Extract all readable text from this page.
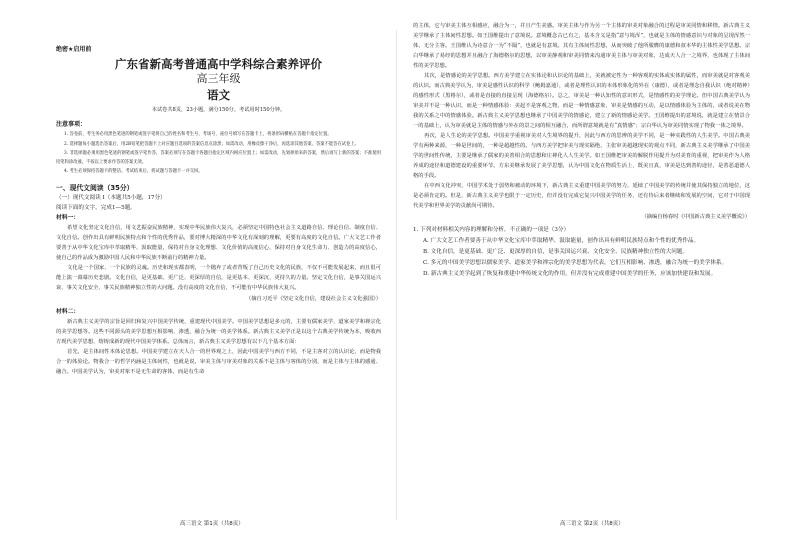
绝密★启用前

广东省新高考普通高中学科综合素养评价

高三年级

语文

本试卷共8页，23小题，满分150分。考试用时150分钟。

注意事项：

1. 答卷前，考生务必用黑色笔迹的钢笔或签字笔将自己的姓名和考生号、考场号、座位号填写在答题卡上，将条形码横贴在答题卡指定位置。

2. 选择题每小题选出答案后，用2B铅笔把答题卡上对应题目选项的答案信息点涂黑；如需改动，用橡皮擦干净后，再选涂其他答案，答案不能答在试卷上。

3. 非选择题必须用黑色笔迹的钢笔或签字笔作答，答案必须写在答题卡各题目指定区域内相应位置上；如需改动，先划掉原来的答案，然后再写上新的答案；不准使用铅笔和涂改液。不按以上要求作答的答案无效。

4. 考生必须保持答题卡的整洁。考试结束后，将试题与答题卡一并交回。

一、现代文阅读（35分）

（一）现代文阅读 I（本题共5小题，17分）

阅读下面的文字，完成1—5题。

材料一：

希望文化坚定文化自信，用文艺振奋民族精神，实现中华民族伟大复兴，必须坚定中国特色社会主义道路自信、理论自信、制度自信、文化自信。创作出具有鲜明民族特点和个性的优秀作品，要对博大精深的中华文化有深刻的理解，更要有高度的文化自信。广大文艺工作者要善于从中华文化宝库中萃取精华、汲取能量，保持对自身文化理想、文化价值的高度信心，保持对自身文化生命力、创造力的高度信心，使自己的作品成为激励中国人民和中华民族不断前行的精神力量。

文化是一个国家、一个民族的灵魂。历史和现实都表明，一个抛弃了或者背叛了自己历史文化的民族，不仅不可能发展起来，而且很可能上演一幕幕历史悲剧。文化自信，是更基础、更广泛、更深厚的自信，是更基本、更深沉、更持久的力量。坚定文化自信，是事关国运兴衰、事关文化安全、事关民族精神独立性的大问题。没有高度的文化自信，不可能有中华民族伟大复兴。

（摘自习近平《坚定文化自信，建设社会主义文化强国》）

材料二：

新古典主义美学的宗旨是回归和复兴中国美学传统，重建现代中国美学。中国美学思想是多元的，主要有儒家美学、道家美学和禅宗化的美学思想等。这些不同源头的美学思想互相影响、渗透，融合为统一的美学体系。新古典主义美学正是以这个古典美学传统为本，吸收西方现代美学思想，熔铸成新的现代中国美学体系。总体而言，新古典主义美学思想有以下几个基本方面：

首先，是主体间性本体论思想。中国美学建立在天人合一的世界观之上，因此中国美学与西方不同，不是主客对立的认识论，而是物我合一的体验论。物我合一的哲学内涵是主体间性，也就是说，审美主体与审美对象的关系不是主体与客体的分别，而是主体与主体的感通、融合。中国美学认为，审美对象不是无生命的客体，而是有生命

的主体，它与审美主体互相感应，融合为一，并且产生美感。审美主体与作为另一个主体的审美对象融合的过程是审美同情和移情。新古典主义美学继承了主体间性思想。如王国维提出了意境说。意境概念古已有之，基本含义是指“意与境浑”，也就是主体的情感意识与对象的呈现浑然一体，无分主客。王国维认为诗意合一为“不隔”，也就是有意境。其有主体间性思想，从而突破了他所服膺的康德和叔本华的主体性美学思想。宗白华继承了易经的思想并且融合了海德格尔的思想，以审美静观和审美同情来沟通审美主体与审美对象，达成天人合一之境界，也体现了主体间性的美学思想。

其次，是情感论的美学思想。西方美学建立在实体论和认识论的基础上，美就被定性为一种客观的实体或实体的属性，而审美就是对客观美的认识。而古典美学认为，审美是感性认识的科学（鲍姆嘉通），或者是理性认识的本体形象化的外在（康德），或者是理念自我认识（绝对精神）的感性形式（黑格尔），或者是直接的直接呈现（海德格尔）。总之，审美是一种认知性的意识形式，是情感性的美学理论。但中国古典美学认为审美并不是一种认识，而是一种情感体验：美起不是客观之物，而是一种情感意象，审美是情感的互动，是以情感体验为主体的，或者说美在物我的关系之中的情感体验。新古典主义美学思想也继承了中国美学的情感论，建立了新的情感论美学。王国维提出的意境说，就是建立在情景合一的基础上，认为审美就是主体的情感与外在的景之间的相互融合，而所谓意境就是有“真情感”；宗白华认为审美同情实现了物我一体之境界。

再次，是人生论的美学思想。中国美学重视审美对人生境界的提升，因此与西方的思辨的美学不同，是一种实践性的人生美学。中国古典美学有两种来源，一种是世间的，一种是超越性的。与西方美学把审美与现实隔绝，主张审美超越现实的观点不同，新古典主义美学继承了中国美学的世间性传统，主要是继承了儒家的美善相合的思想和庄禅化人人生美学。如王国维把审美的解脱作用提升为对美育的重视，把审美作为人格养成的途径和道德建设的重要环节。方东美继承发展了美学思想，认为中国文化在物质生活上，既美且真，审美是达到善的途径，是善恶道德人格的手段。

在中西文化冲突、中国学术处于弱势和被动的环境下，新古典主义重建中国美学的努力，延续了中国美学的传统并使其保持独立的地位，这是必须肯定的。但是，新古典主义美学也限于一定历史，但并没有完成它复兴中国美学的任务，还有待后来者继续和发展的空间，它对于中国现代美学和世界美学的贡献尚可期待。

（摘编自杨春时《中国新古典主义美学概说》）

1. 下列对材料相关内容的理解和分析，不正确的一项是（3分）

A. 广大文艺工作者要善于从中华文化宝库中萃取精华、汲取能量，创作出具有鲜明民族特点和个性的优秀作品。

B. 文化自信，是更基础、更广泛、更深厚的自信，是事关国运兴衰、文化安全、民族精神独立性的大问题。

C. 多元的中国美学思想以儒家美学、道家美学和禅宗化的美学思想为代表，它们互相影响、渗透，融合为统一的美学体系。

D. 新古典主义美学起到了恢复和重建中华传统文化的作用，但并没有完成重建中国美学的任务，应该加快建设和发展。

高三语文 第1页（共8页）	高三语文 第2页（共8页）
